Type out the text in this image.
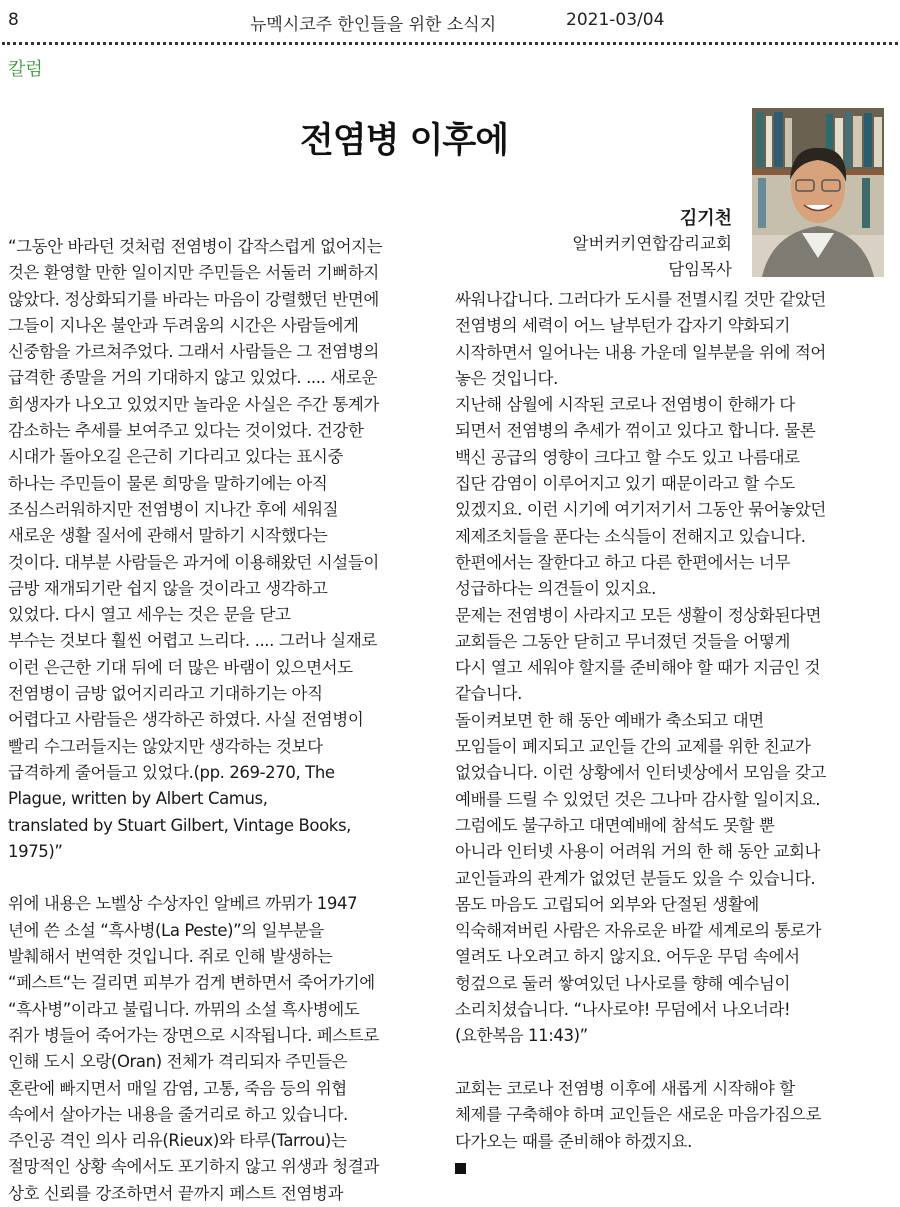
8	뉴멕시코주 한인들을 위한 소식지	2021-03/04
칼럼
전염병 이후에
김기천
알버커키연합감리교회
담임목사
“그동안 바라던 것처럼 전염병이 갑작스럽게 없어지는
것은 환영할 만한 일이지만 주민들은 서둘러 기뻐하지
않았다. 정상화되기를 바라는 마음이 강렬했던 반면에
그들이 지나온 불안과 두려움의 시간은 사람들에게
신중함을 가르쳐주었다. 그래서 사람들은 그 전염병의
급격한 종말을 거의 기대하지 않고 있었다. .... 새로운
희생자가 나오고 있었지만 놀라운 사실은 주간 통계가
감소하는 추세를 보여주고 있다는 것이었다. 건강한
시대가 돌아오길 은근히 기다리고 있다는 표시중
하나는 주민들이 물론 희망을 말하기에는 아직
조심스러워하지만 전염병이 지나간 후에 세워질
새로운 생활 질서에 관해서 말하기 시작했다는
것이다. 대부분 사람들은 과거에 이용해왔던 시설들이
금방 재개되기란 쉽지 않을 것이라고 생각하고
있었다. 다시 열고 세우는 것은 문을 닫고
부수는 것보다 훨씬 어렵고 느리다. .... 그러나 실재로
이런 은근한 기대 뒤에 더 많은 바램이 있으면서도
전염병이 금방 없어지리라고 기대하기는 아직
어렵다고 사람들은 생각하곤 하였다. 사실 전염병이
빨리 수그러들지는 않았지만 생각하는 것보다
급격하게 줄어들고 있었다.(pp. 269-270, The
Plague, written by Albert Camus,
translated by Stuart Gilbert, Vintage Books,
1975)”
위에 내용은 노벨상 수상자인 알베르 까뮈가 1947
년에 쓴 소설 “흑사병(La Peste)”의 일부분을
발췌해서 번역한 것입니다. 쥐로 인해 발생하는
“페스트“는 걸리면 피부가 검게 변하면서 죽어가기에
“흑사병”이라고 불립니다. 까뮈의 소설 흑사병에도
쥐가 병들어 죽어가는 장면으로 시작됩니다. 페스트로
인해 도시 오랑(Oran) 전체가 격리되자 주민들은
혼란에 빠지면서 매일 감염, 고통, 죽음 등의 위협
속에서 살아가는 내용을 줄거리로 하고 있습니다.
주인공 격인 의사 리유(Rieux)와 타루(Tarrou)는
절망적인 상황 속에서도 포기하지 않고 위생과 청결과
상호 신뢰를 강조하면서 끝까지 페스트 전염병과
싸워나갑니다. 그러다가 도시를 전멸시킬 것만 같았던
전염병의 세력이 어느 날부턴가 갑자기 약화되기
시작하면서 일어나는 내용 가운데 일부분을 위에 적어
놓은 것입니다.
지난해 삼월에 시작된 코로나 전염병이 한해가 다
되면서 전염병의 추세가 꺾이고 있다고 합니다. 물론
백신 공급의 영향이 크다고 할 수도 있고 나름대로
집단 감염이 이루어지고 있기 때문이라고 할 수도
있겠지요. 이런 시기에 여기저기서 그동안 묶어놓았던
제제조치들을 푼다는 소식들이 전해지고 있습니다.
한편에서는 잘한다고 하고 다른 한편에서는 너무
성급하다는 의견들이 있지요.
문제는 전염병이 사라지고 모든 생활이 정상화된다면
교회들은 그동안 닫히고 무너졌던 것들을 어떻게
다시 열고 세워야 할지를 준비해야 할 때가 지금인 것
같습니다.
돌이켜보면 한 해 동안 예배가 축소되고 대면
모임들이 폐지되고 교인들 간의 교제를 위한 친교가
없었습니다. 이런 상황에서 인터넷상에서 모임을 갖고
예배를 드릴 수 있었던 것은 그나마 감사할 일이지요.
그럼에도 불구하고 대면예배에 참석도 못할 뿐
아니라 인터넷 사용이 어려워 거의 한 해 동안 교회나
교인들과의 관계가 없었던 분들도 있을 수 있습니다.
몸도 마음도 고립되어 외부와 단절된 생활에
익숙해져버린 사람은 자유로운 바깥 세계로의 통로가
열려도 나오려고 하지 않지요. 어두운 무덤 속에서
헝겊으로 둘러 쌓여있던 나사로를 향해 예수님이
소리치셨습니다. “나사로야! 무덤에서 나오너라!
(요한복음 11:43)”
교회는 코로나 전염병 이후에 새롭게 시작해야 할
체제를 구축해야 하며 교인들은 새로운 마음가짐으로
다가오는 때를 준비해야 하겠지요.
